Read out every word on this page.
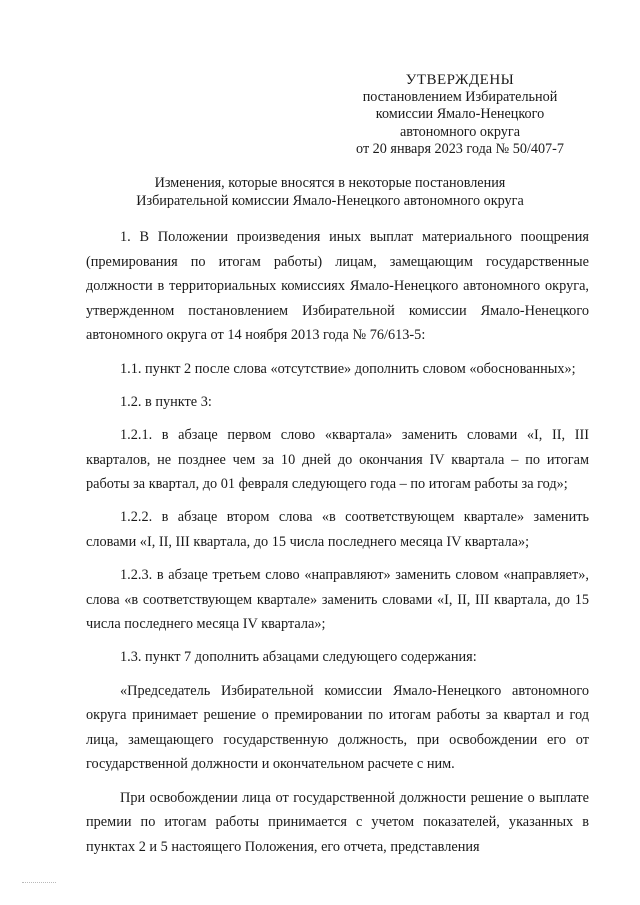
УТВЕРЖДЕНЫ
постановлением Избирательной
комиссии Ямало-Ненецкого
автономного округа
от 20 января 2023 года № 50/407-7
Изменения, которые вносятся в некоторые постановления
Избирательной комиссии Ямало-Ненецкого автономного округа

1. В Положении произведения иных выплат материального поощрения (премирования по итогам работы) лицам, замещающим государственные должности в территориальных комиссиях Ямало-Ненецкого автономного округа, утвержденном постановлением Избирательной комиссии Ямало-Ненецкого автономного округа от 14 ноября 2013 года № 76/613-5:

1.1. пункт 2 после слова «отсутствие» дополнить словом «обоснованных»;

1.2. в пункте 3:

1.2.1. в абзаце первом слово «квартала» заменить словами «I, II, III кварталов, не позднее чем за 10 дней до окончания IV квартала – по итогам работы за квартал, до 01 февраля следующего года – по итогам работы за год»;

1.2.2. в абзаце втором слова «в соответствующем квартале» заменить словами «I, II, III квартала, до 15 числа последнего месяца IV квартала»;

1.2.3. в абзаце третьем слово «направляют» заменить словом «направляет», слова «в соответствующем квартале» заменить словами «I, II, III квартала, до 15 числа последнего месяца IV квартала»;

1.3. пункт 7 дополнить абзацами следующего содержания:

«Председатель Избирательной комиссии Ямало-Ненецкого автономного округа принимает решение о премировании по итогам работы за квартал и год лица, замещающего государственную должность, при освобождении его от государственной должности и окончательном расчете с ним.

При освобождении лица от государственной должности решение о выплате премии по итогам работы принимается с учетом показателей, указанных в пунктах 2 и 5 настоящего Положения, его отчета, представления
